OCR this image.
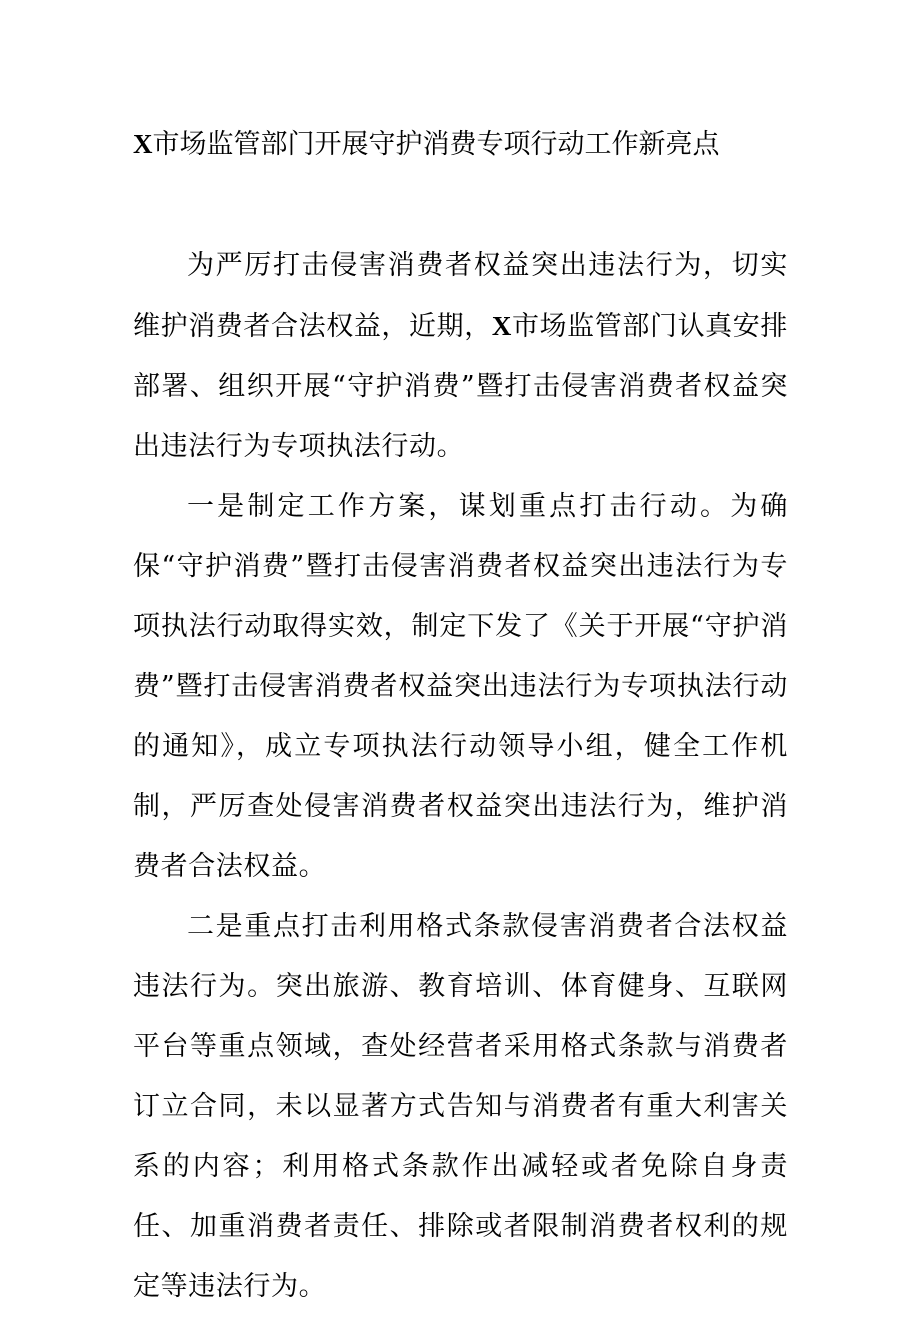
X市场监管部门开展守护消费专项行动工作新亮点

为严厉打击侵害消费者权益突出违法行为，切实维护消费者合法权益，近期，X市场监管部门认真安排部署、组织开展“守护消费”暨打击侵害消费者权益突出违法行为专项执法行动。

一是制定工作方案，谋划重点打击行动。为确保“守护消费”暨打击侵害消费者权益突出违法行为专项执法行动取得实效，制定下发了《关于开展“守护消费”暨打击侵害消费者权益突出违法行为专项执法行动的通知》，成立专项执法行动领导小组，健全工作机制，严厉查处侵害消费者权益突出违法行为，维护消费者合法权益。

二是重点打击利用格式条款侵害消费者合法权益违法行为。突出旅游、教育培训、体育健身、互联网平台等重点领域，查处经营者采用格式条款与消费者订立合同，未以显著方式告知与消费者有重大利害关系的内容；利用格式条款作出减轻或者免除自身责任、加重消费者责任、排除或者限制消费者权利的规定等违法行为。
